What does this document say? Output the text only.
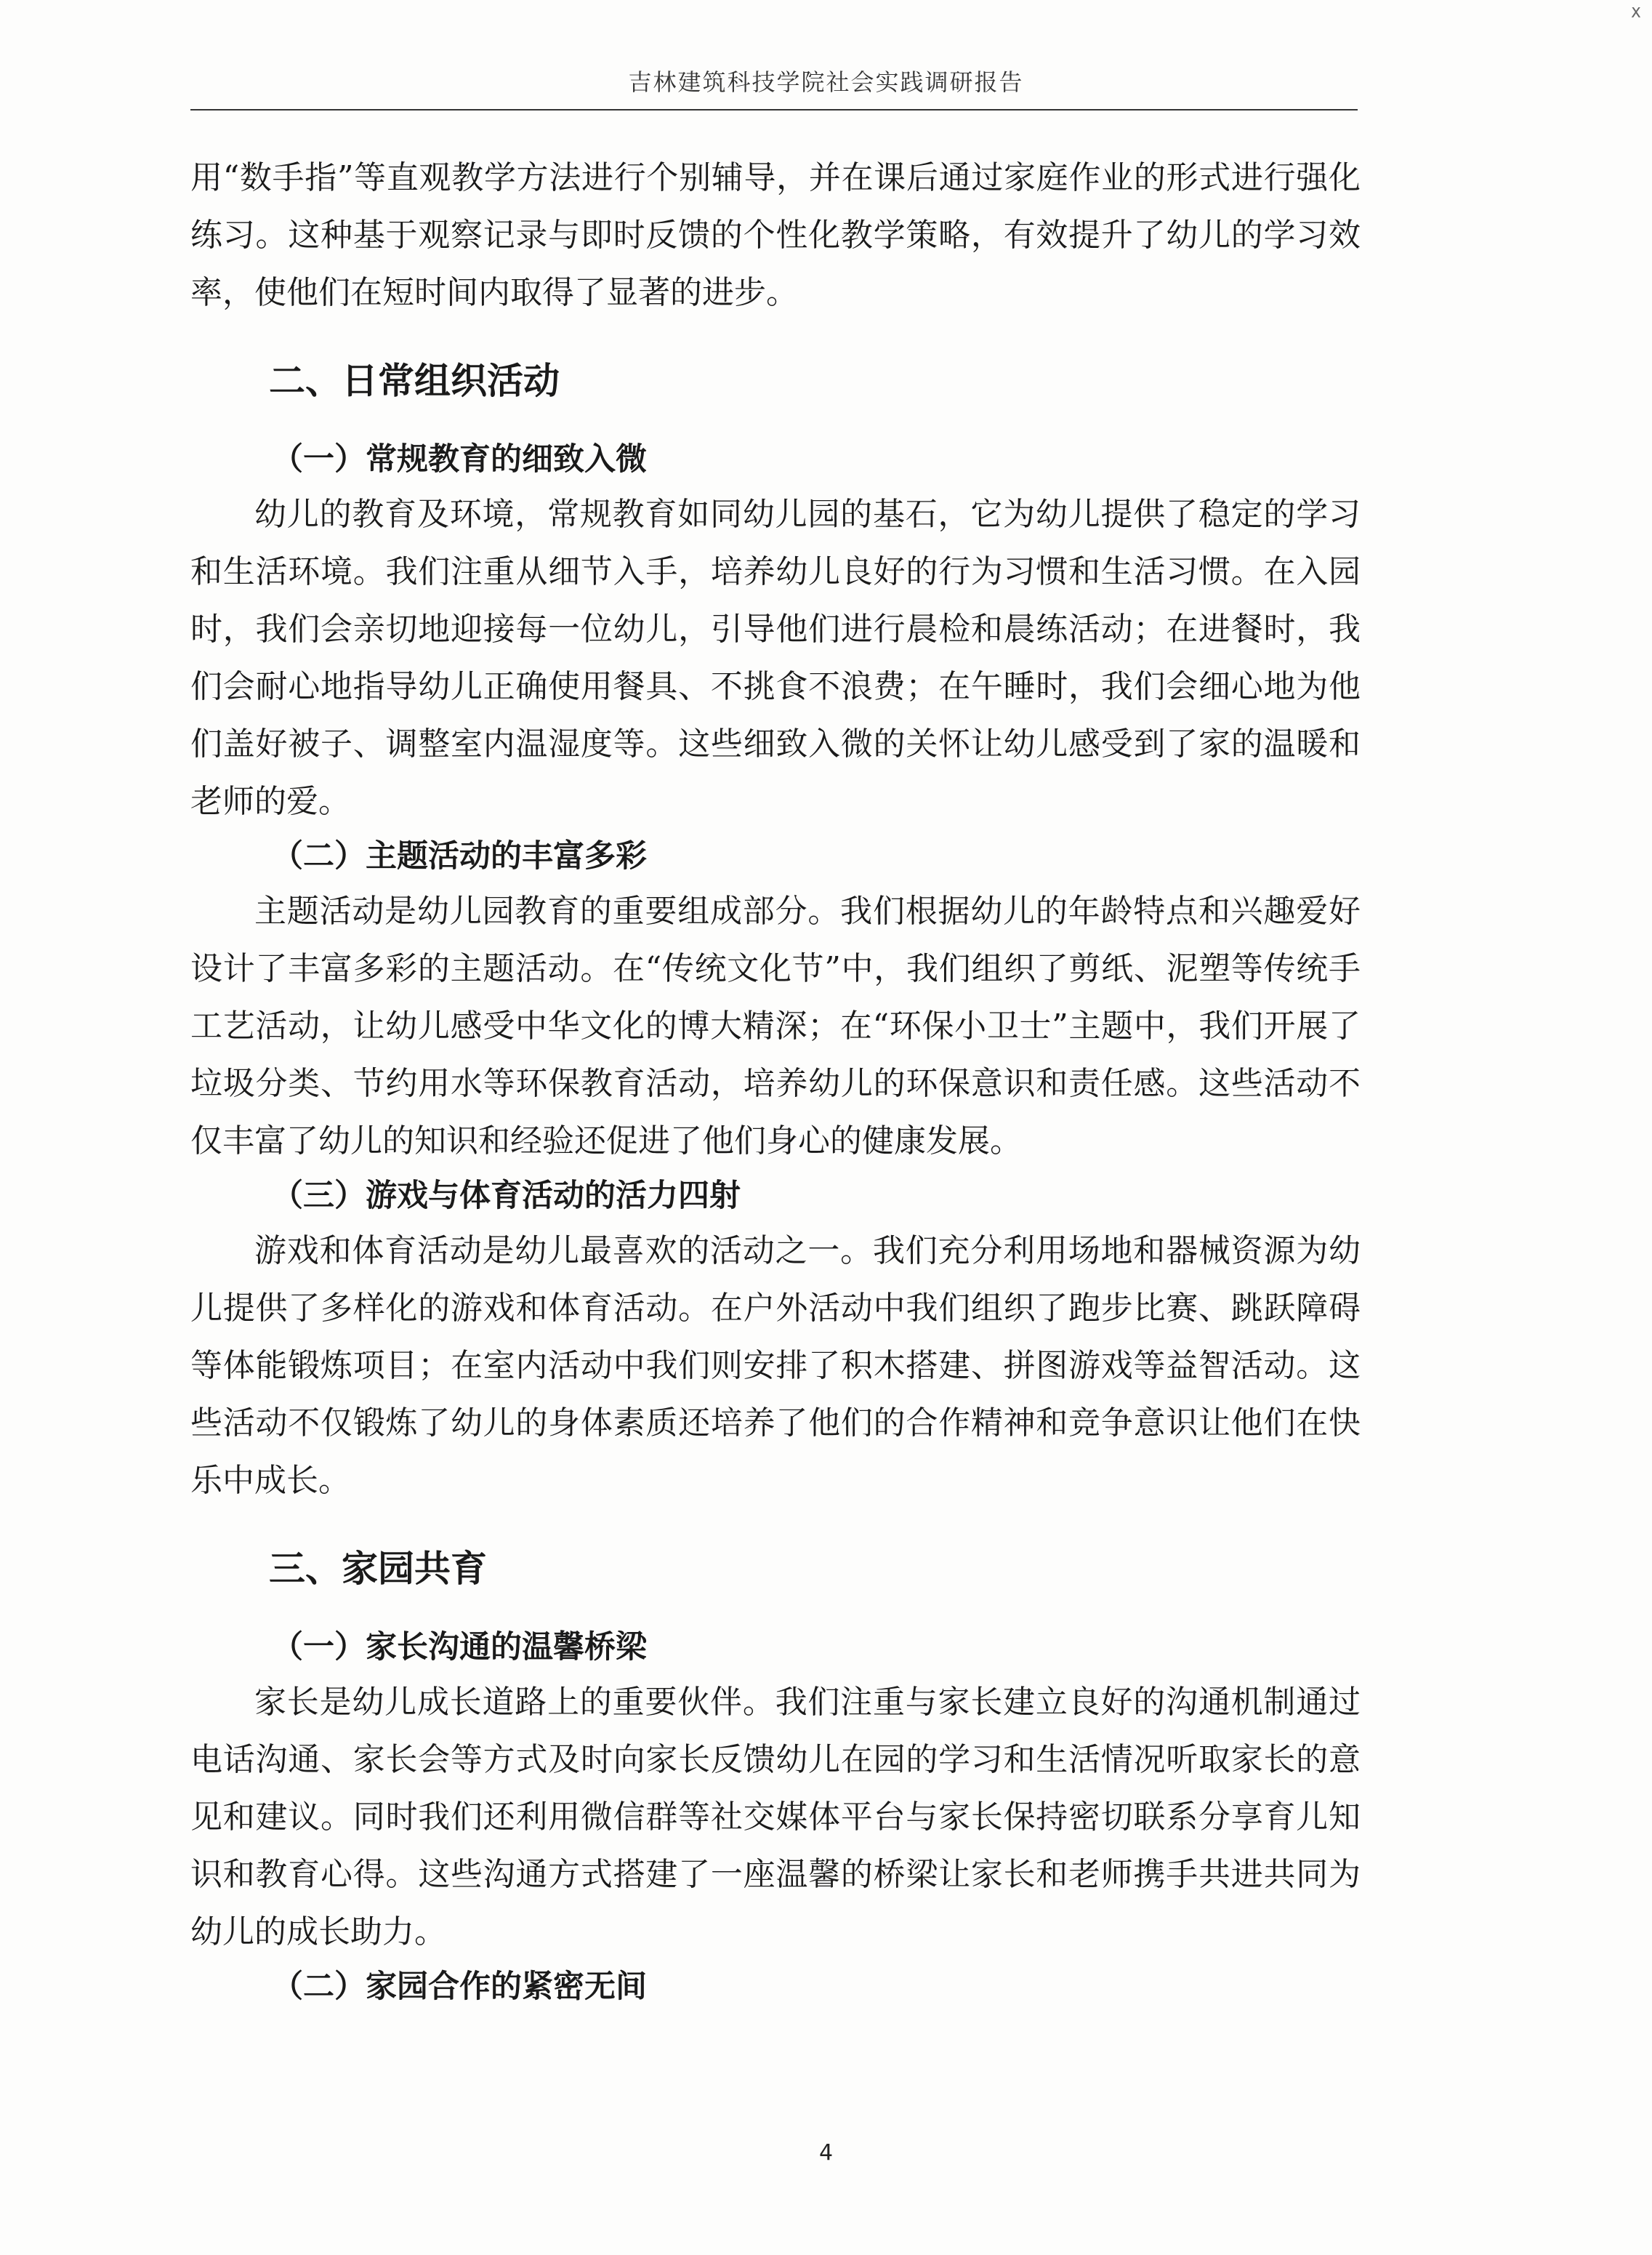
ᕁ
吉林建筑科技学院社会实践调研报告

用“数手指”等直观教学方法进行个别辅导，并在课后通过家庭作业的形式进行强化练习。这种基于观察记录与即时反馈的个性化教学策略，有效提升了幼儿的学习效率，使他们在短时间内取得了显著的进步。

二、日常组织活动
（一）常规教育的细致入微

幼儿的教育及环境，常规教育如同幼儿园的基石，它为幼儿提供了稳定的学习和生活环境。我们注重从细节入手，培养幼儿良好的行为习惯和生活习惯。在入园时，我们会亲切地迎接每一位幼儿，引导他们进行晨检和晨练活动；在进餐时，我们会耐心地指导幼儿正确使用餐具、不挑食不浪费；在午睡时，我们会细心地为他们盖好被子、调整室内温湿度等。这些细致入微的关怀让幼儿感受到了家的温暖和老师的爱。

（二）主题活动的丰富多彩

主题活动是幼儿园教育的重要组成部分。我们根据幼儿的年龄特点和兴趣爱好设计了丰富多彩的主题活动。在“传统文化节”中，我们组织了剪纸、泥塑等传统手工艺活动，让幼儿感受中华文化的博大精深；在“环保小卫士”主题中，我们开展了垃圾分类、节约用水等环保教育活动，培养幼儿的环保意识和责任感。这些活动不仅丰富了幼儿的知识和经验还促进了他们身心的健康发展。

（三）游戏与体育活动的活力四射

游戏和体育活动是幼儿最喜欢的活动之一。我们充分利用场地和器械资源为幼儿提供了多样化的游戏和体育活动。在户外活动中我们组织了跑步比赛、跳跃障碍等体能锻炼项目；在室内活动中我们则安排了积木搭建、拼图游戏等益智活动。这些活动不仅锻炼了幼儿的身体素质还培养了他们的合作精神和竞争意识让他们在快乐中成长。

三、家园共育
（一）家长沟通的温馨桥梁

家长是幼儿成长道路上的重要伙伴。我们注重与家长建立良好的沟通机制通过电话沟通、家长会等方式及时向家长反馈幼儿在园的学习和生活情况听取家长的意见和建议。同时我们还利用微信群等社交媒体平台与家长保持密切联系分享育儿知识和教育心得。这些沟通方式搭建了一座温馨的桥梁让家长和老师携手共进共同为幼儿的成长助力。

（二）家园合作的紧密无间
4
